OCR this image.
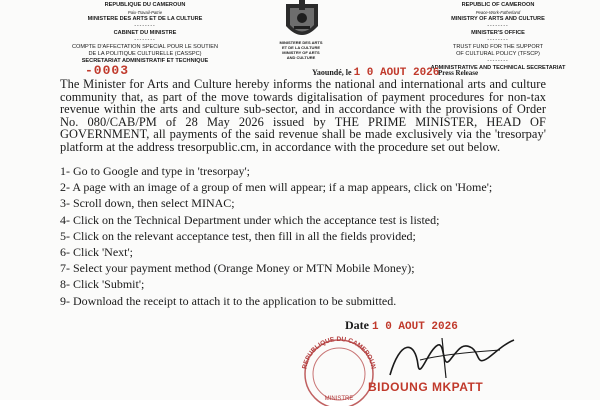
REPUBLIQUE DU CAMEROUN
Paix-Travail-Patrie
MINISTERE DES ARTS ET DE LA CULTURE
--------
CABINET DU MINISTRE
--------
COMPTE D'AFFECTATION SPECIAL POUR LE SOUTIEN
DE LA POLITIQUE CULTURELLE (CASSPC)
SECRETARIAT ADMINISTRATIF ET TECHNIQUE
MINISTERE DES ARTS
ET DE LA CULTURE
MINISTRY OF ARTS
AND CULTURE
REPUBLIC OF CAMEROON
Peace-Work-Fatherland
MINISTRY OF ARTS AND CULTURE
--------
MINISTER'S OFFICE
--------
TRUST FUND FOR THE SUPPORT
OF CULTURAL POLICY (TFSCP)
--------
ADMINISTRATIVE AND TECHNICAL SECRETARIAT
-0003	Yaoundé, le 1 0 AOUT 2026
Press Release

The Minister for Arts and Culture hereby informs the national and international arts and culture community that, as part of the move towards digitalisation of payment procedures for non-tax revenue within the arts and culture sub-sector, and in accordance with the provisions of Order No. 080/CAB/PM of 28 May 2026 issued by THE PRIME MINISTER, HEAD OF GOVERNMENT, all payments of the said revenue shall be made exclusively via the 'tresorpay' platform at the address tresorpublic.cm, in accordance with the procedure set out below.

1- Go to Google and type in 'tresorpay';
2- A page with an image of a group of men will appear; if a map appears, click on 'Home';
3- Scroll down, then select MINAC;
4- Click on the Technical Department under which the acceptance test is listed;
5- Click on the relevant acceptance test, then fill in all the fields provided;
6- Click 'Next';
7- Select your payment method (Orange Money or MTN Mobile Money);
8- Click 'Submit';
9- Download the receipt to attach it to the application to be submitted.
Date 1 0 AOUT 2026
REPUBLIQUE DU CAMEROUN
MINISTRE
BIDOUNG MKPATT
